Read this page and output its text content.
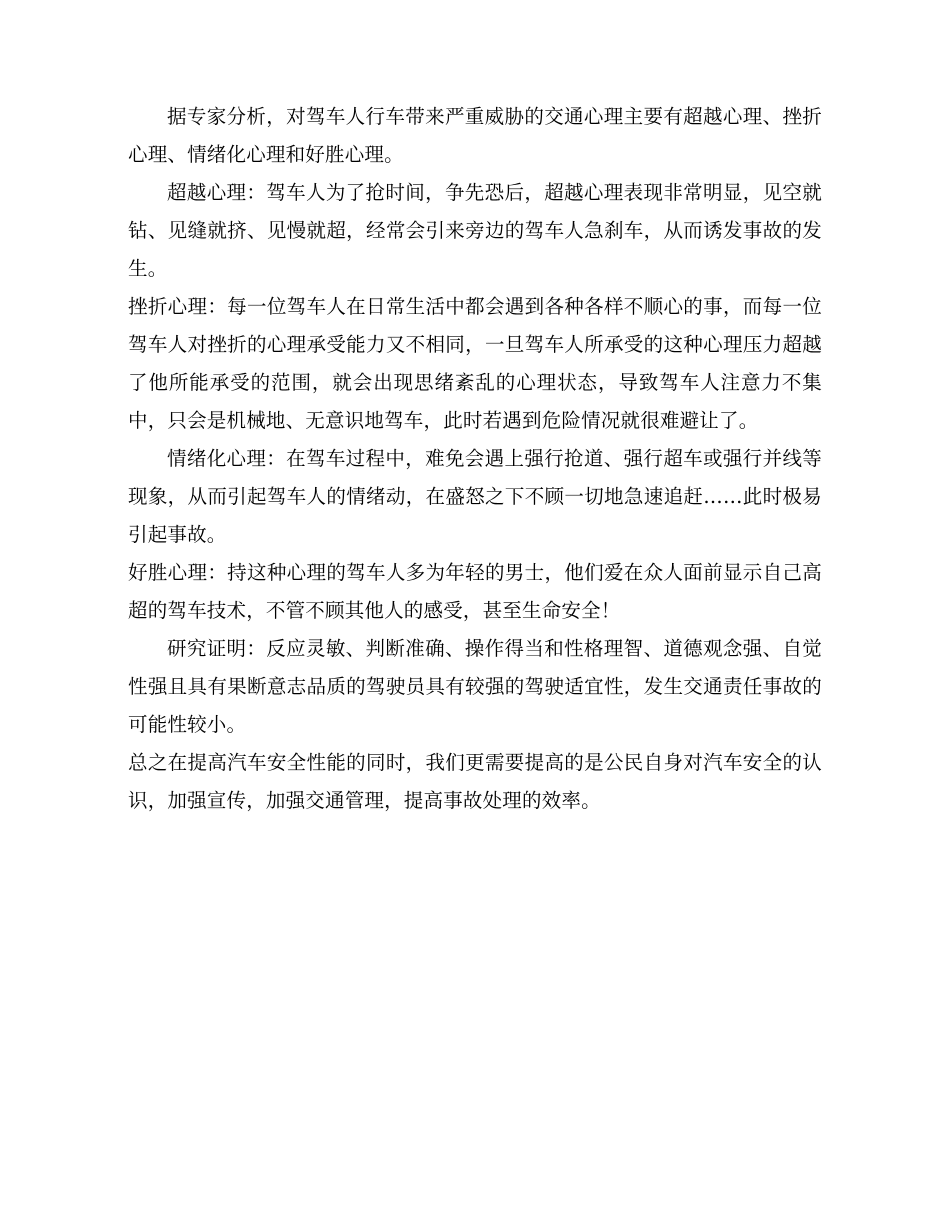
据专家分析，对驾车人行车带来严重威胁的交通心理主要有超越心理、挫折心理、情绪化心理和好胜心理。

超越心理：驾车人为了抢时间，争先恐后，超越心理表现非常明显，见空就钻、见缝就挤、见慢就超，经常会引来旁边的驾车人急刹车，从而诱发事故的发生。

挫折心理：每一位驾车人在日常生活中都会遇到各种各样不顺心的事，而每一位驾车人对挫折的心理承受能力又不相同，一旦驾车人所承受的这种心理压力超越了他所能承受的范围，就会出现思绪紊乱的心理状态，导致驾车人注意力不集中，只会是机械地、无意识地驾车，此时若遇到危险情况就很难避让了。

情绪化心理：在驾车过程中，难免会遇上强行抢道、强行超车或强行并线等现象，从而引起驾车人的情绪动，在盛怒之下不顾一切地急速追赶……此时极易引起事故。

好胜心理：持这种心理的驾车人多为年轻的男士，他们爱在众人面前显示自己高超的驾车技术，不管不顾其他人的感受，甚至生命安全！

研究证明：反应灵敏、判断准确、操作得当和性格理智、道德观念强、自觉性强且具有果断意志品质的驾驶员具有较强的驾驶适宜性，发生交通责任事故的可能性较小。

总之在提高汽车安全性能的同时，我们更需要提高的是公民自身对汽车安全的认识，加强宣传，加强交通管理，提高事故处理的效率。
